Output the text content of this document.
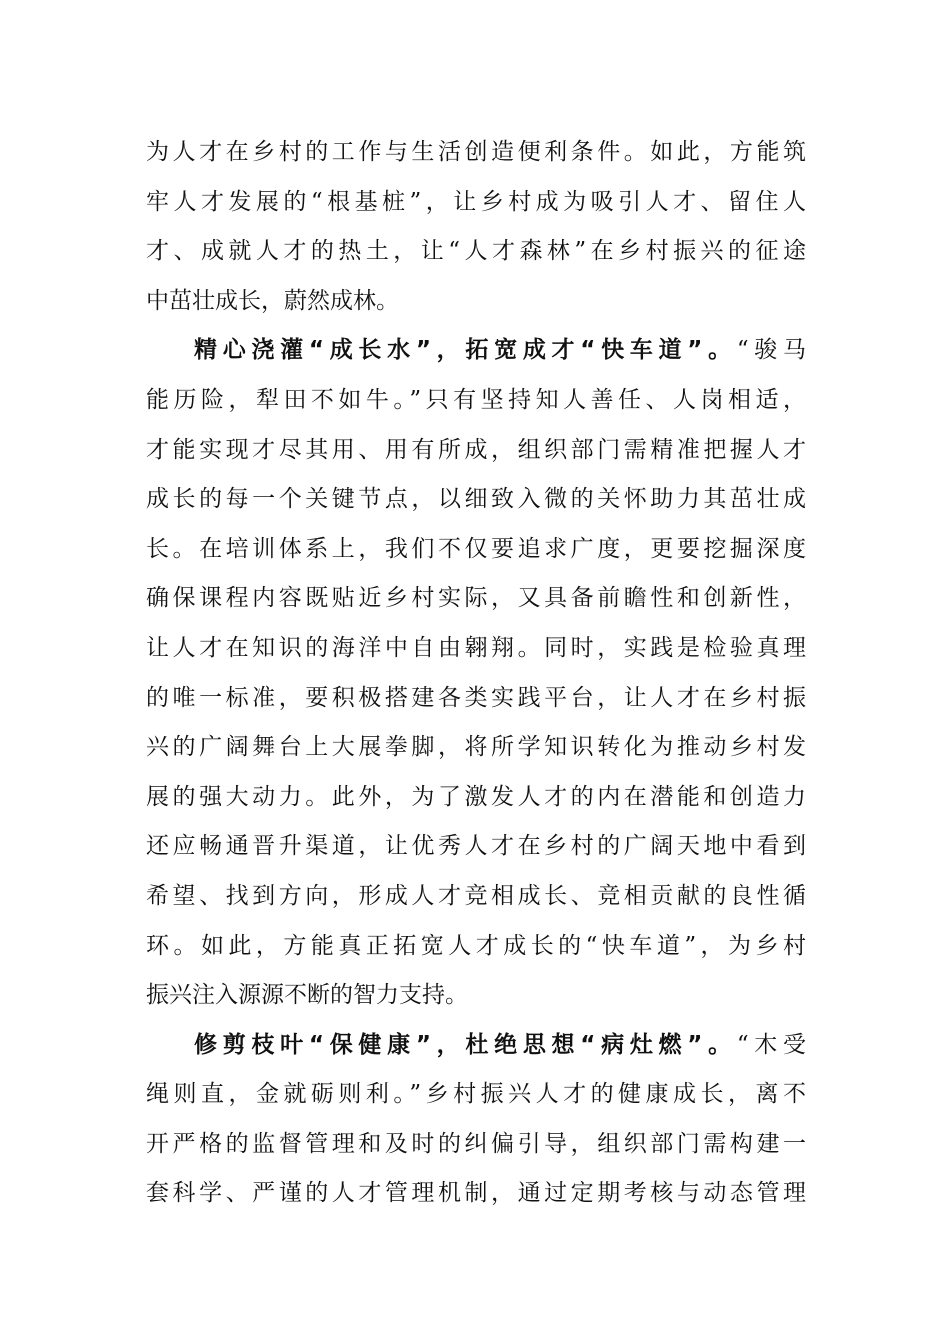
为人才在乡村的工作与生活创造便利条件。如此，方能筑
牢人才发展的“根基桩”，让乡村成为吸引人才、留住人
才、成就人才的热土，让“人才森林”在乡村振兴的征途
中茁壮成长，蔚然成林。
精心浇灌“成长水”，拓宽成才“快车道”。“骏马
能历险，犁田不如牛。”只有坚持知人善任、人岗相适，
才能实现才尽其用、用有所成，组织部门需精准把握人才
成长的每一个关键节点，以细致入微的关怀助力其茁壮成
长。在培训体系上，我们不仅要追求广度，更要挖掘深度
确保课程内容既贴近乡村实际，又具备前瞻性和创新性，
让人才在知识的海洋中自由翱翔。同时，实践是检验真理
的唯一标准，要积极搭建各类实践平台，让人才在乡村振
兴的广阔舞台上大展拳脚，将所学知识转化为推动乡村发
展的强大动力。此外，为了激发人才的内在潜能和创造力
还应畅通晋升渠道，让优秀人才在乡村的广阔天地中看到
希望、找到方向，形成人才竞相成长、竞相贡献的良性循
环。如此，方能真正拓宽人才成长的“快车道”，为乡村
振兴注入源源不断的智力支持。
修剪枝叶“保健康”，杜绝思想“病灶燃”。“木受
绳则直，金就砺则利。”乡村振兴人才的健康成长，离不
开严格的监督管理和及时的纠偏引导，组织部门需构建一
套科学、严谨的人才管理机制，通过定期考核与动态管理
